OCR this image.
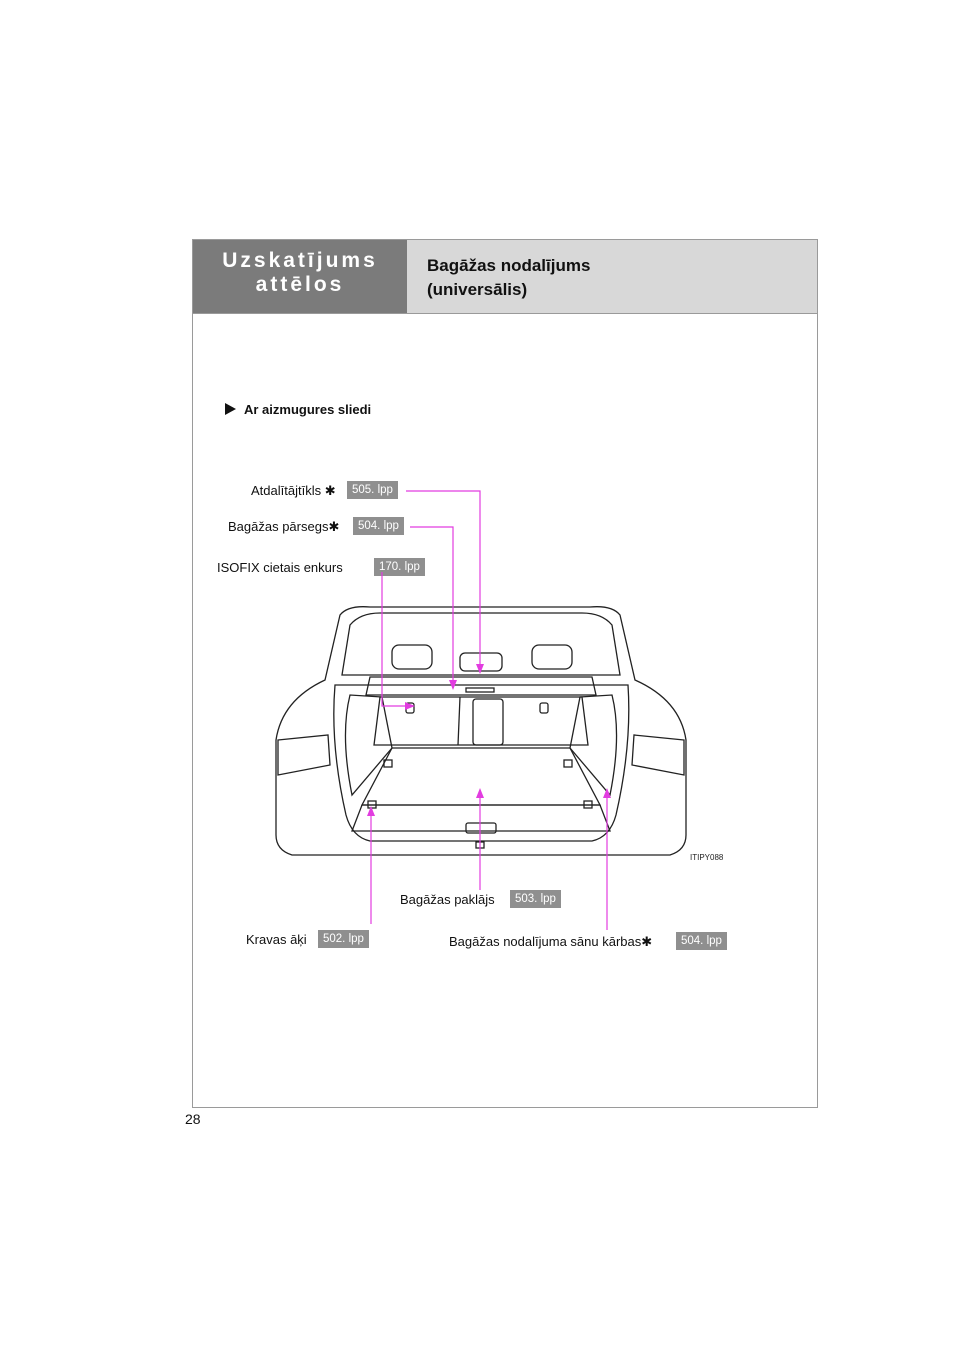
Uzskatījums
attēlos
Bagāžas nodalījums
(universālis)
Ar aizmugures sliedi
Atdalītājtīkls ✱	505. lpp
Bagāžas pārsegs✱	504. lpp
ISOFIX cietais enkurs	170. lpp
Bagāžas paklājs	503. lpp
Kravas āķi	502. lpp	Bagāžas nodalījuma sānu kārbas✱	504. lpp
ITIPY088
28
